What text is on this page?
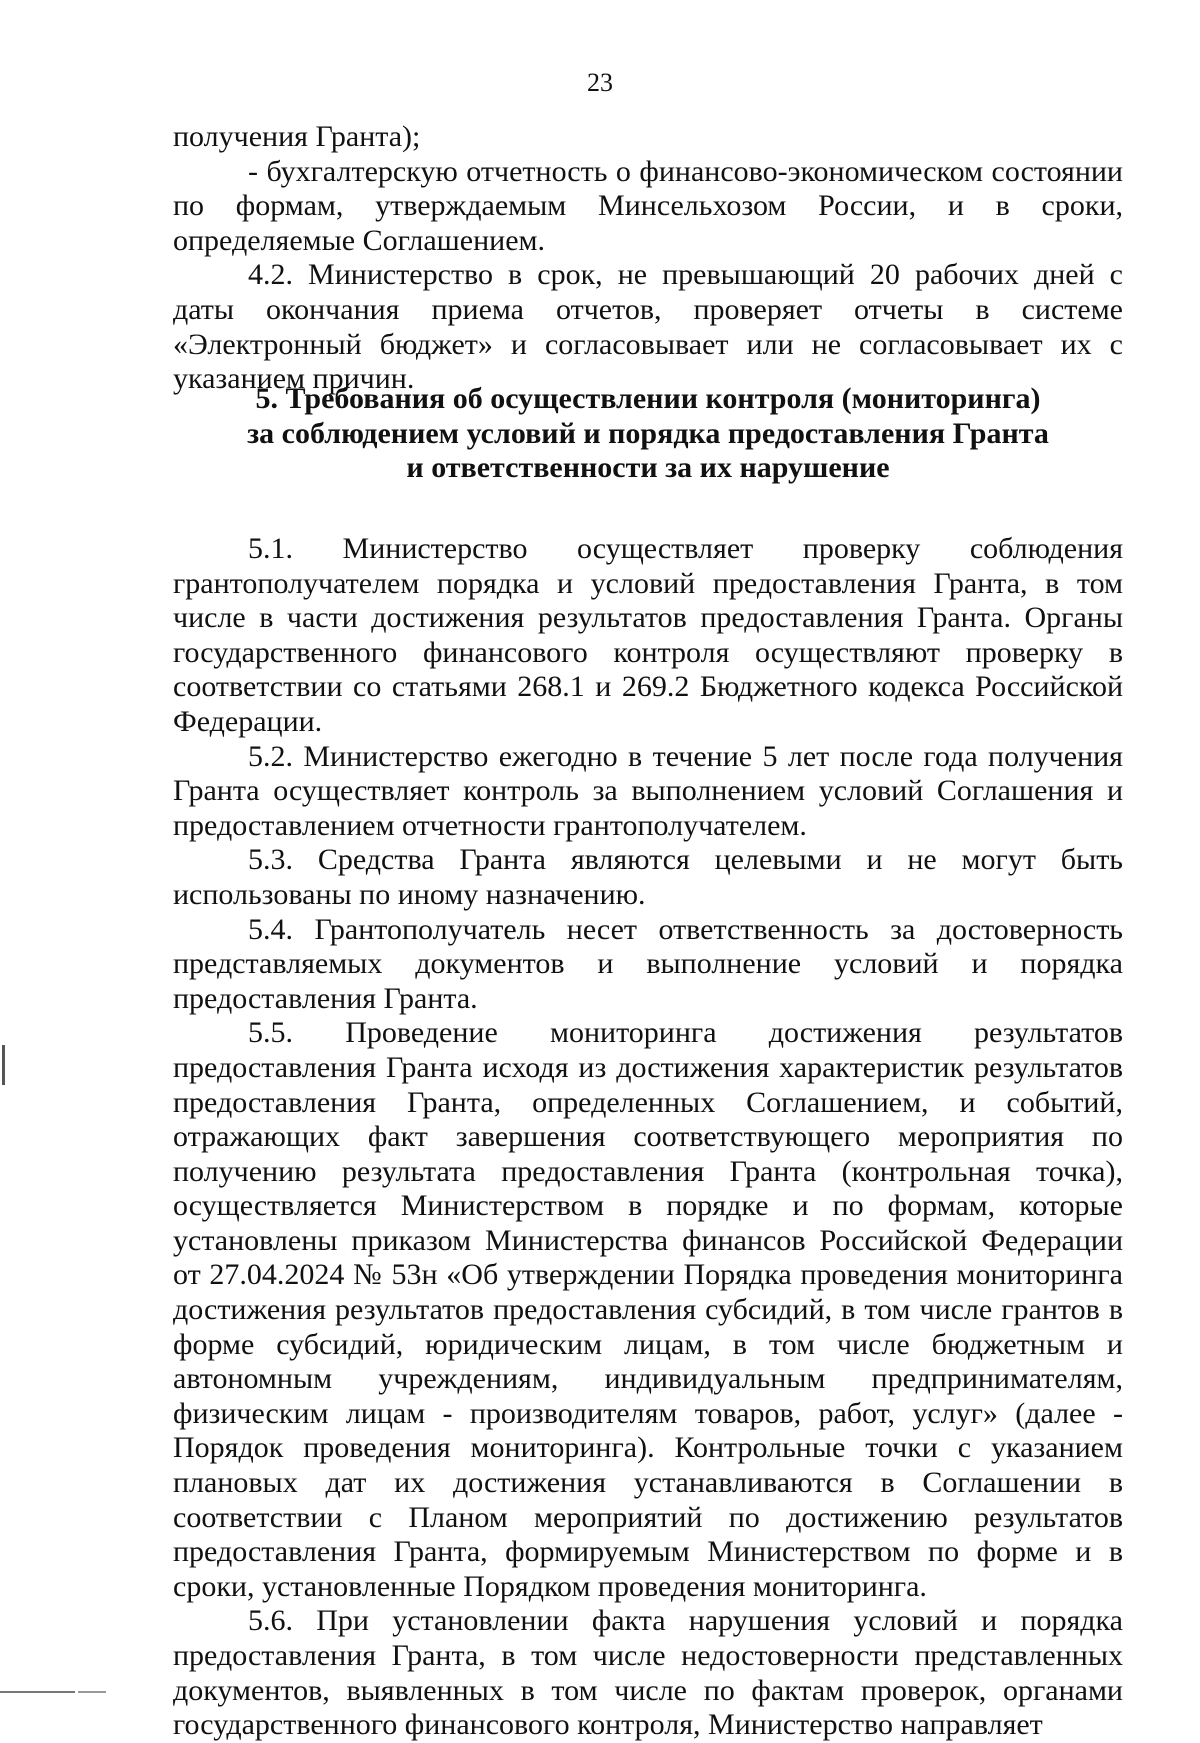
23

получения Гранта);

- бухгалтерскую отчетность о финансово-экономическом состоянии по формам, утверждаемым Минсельхозом России, и в сроки, определяемые Соглашением.

4.2. Министерство в срок, не превышающий 20 рабочих дней с даты окончания приема отчетов, проверяет отчеты в системе «Электронный бюджет» и согласовывает или не согласовывает их с указанием причин.

5. Требования об осуществлении контроля (мониторинга)
за соблюдением условий и порядка предоставления Гранта
и ответственности за их нарушение

5.1. Министерство осуществляет проверку соблюдения грантополучателем порядка и условий предоставления Гранта, в том числе в части достижения результатов предоставления Гранта. Органы государственного финансового контроля осуществляют проверку в соответствии со статьями 268.1 и 269.2 Бюджетного кодекса Российской Федерации.

5.2. Министерство ежегодно в течение 5 лет после года получения Гранта осуществляет контроль за выполнением условий Соглашения и предоставлением отчетности грантополучателем.

5.3. Средства Гранта являются целевыми и не могут быть использованы по иному назначению.

5.4. Грантополучатель несет ответственность за достоверность представляемых документов и выполнение условий и порядка предоставления Гранта.

5.5. Проведение мониторинга достижения результатов предоставления Гранта исходя из достижения характеристик результатов предоставления Гранта, определенных Соглашением, и событий, отражающих факт завершения соответствующего мероприятия по получению результата предоставления Гранта (контрольная точка), осуществляется Министерством в порядке и по формам, которые установлены приказом Министерства финансов Российской Федерации от 27.04.2024 № 53н «Об утверждении Порядка проведения мониторинга достижения результатов предоставления субсидий, в том числе грантов в форме субсидий, юридическим лицам, в том числе бюджетным и автономным учреждениям, индивидуальным предпринимателям, физическим лицам - производителям товаров, работ, услуг» (далее - Порядок проведения мониторинга). Контрольные точки с указанием плановых дат их достижения устанавливаются в Соглашении в соответствии с Планом мероприятий по достижению результатов предоставления Гранта, формируемым Министерством по форме и в сроки, установленные Порядком проведения мониторинга.

5.6. При установлении факта нарушения условий и порядка предоставления Гранта, в том числе недостоверности представленных документов, выявленных в том числе по фактам проверок, органами государственного финансового контроля, Министерство направляет
